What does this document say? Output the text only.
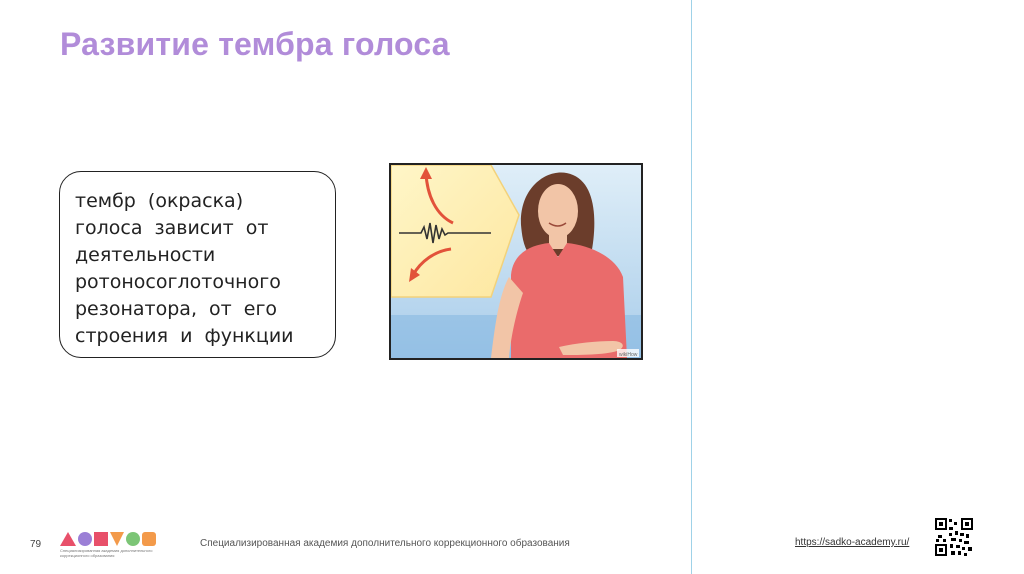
Развитие тембра голоса
тембр (окраска)
голоса зависит от
деятельности
ротоносоглоточного
резонатора, от его
строения и функции
wikiHow
79
Специализированная академия дополнительного коррекционного образования
Специализированная академия дополнительного коррекционного образования	https://sadko-academy.ru/
